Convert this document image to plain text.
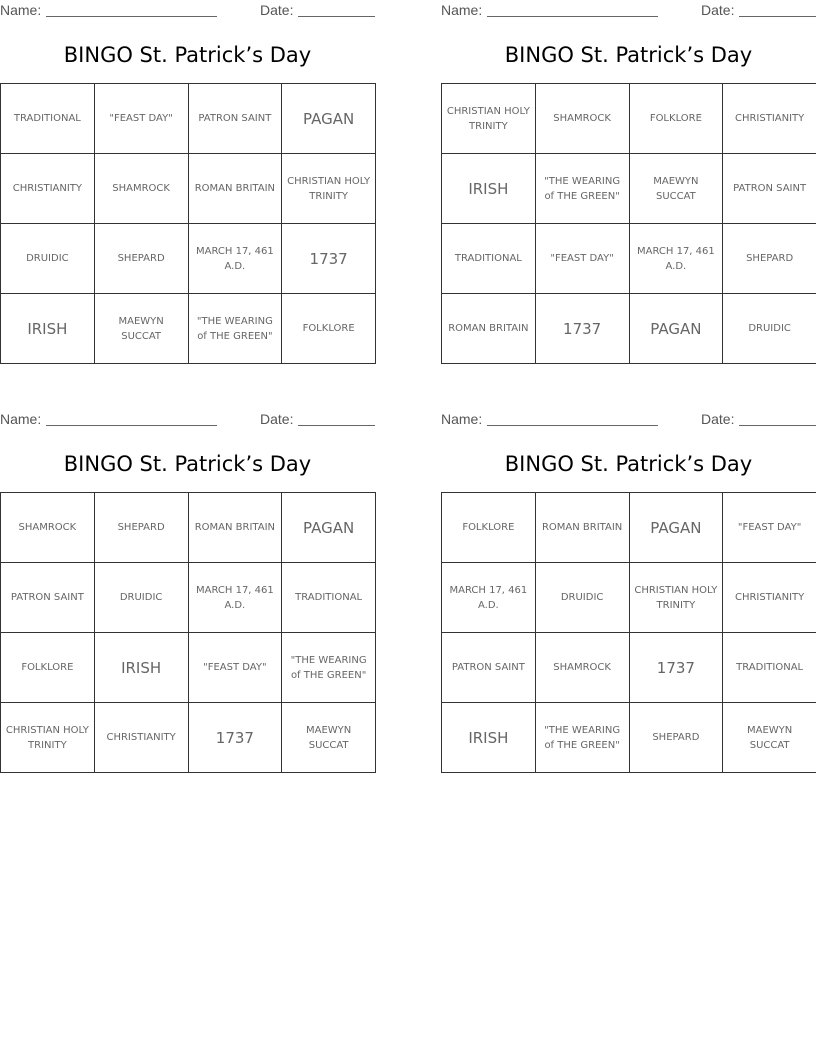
Name:	Date:
BINGO St. Patrick’s Day
TRADITIONAL	"FEAST DAY"	PATRON SAINT	PAGAN
CHRISTIANITY	SHAMROCK	ROMAN BRITAIN	CHRISTIAN HOLY TRINITY
DRUIDIC	SHEPARD	MARCH 17, 461 A.D.	1737
IRISH	MAEWYN SUCCAT	"THE WEARING of THE GREEN"	FOLKLORE
Name:	Date:
BINGO St. Patrick’s Day
CHRISTIAN HOLY TRINITY	SHAMROCK	FOLKLORE	CHRISTIANITY
IRISH	"THE WEARING of THE GREEN"	MAEWYN SUCCAT	PATRON SAINT
TRADITIONAL	"FEAST DAY"	MARCH 17, 461 A.D.	SHEPARD
ROMAN BRITAIN	1737	PAGAN	DRUIDIC
Name:	Date:
BINGO St. Patrick’s Day
SHAMROCK	SHEPARD	ROMAN BRITAIN	PAGAN
PATRON SAINT	DRUIDIC	MARCH 17, 461 A.D.	TRADITIONAL
FOLKLORE	IRISH	"FEAST DAY"	"THE WEARING of THE GREEN"
CHRISTIAN HOLY TRINITY	CHRISTIANITY	1737	MAEWYN SUCCAT
Name:	Date:
BINGO St. Patrick’s Day
FOLKLORE	ROMAN BRITAIN	PAGAN	"FEAST DAY"
MARCH 17, 461 A.D.	DRUIDIC	CHRISTIAN HOLY TRINITY	CHRISTIANITY
PATRON SAINT	SHAMROCK	1737	TRADITIONAL
IRISH	"THE WEARING of THE GREEN"	SHEPARD	MAEWYN SUCCAT
